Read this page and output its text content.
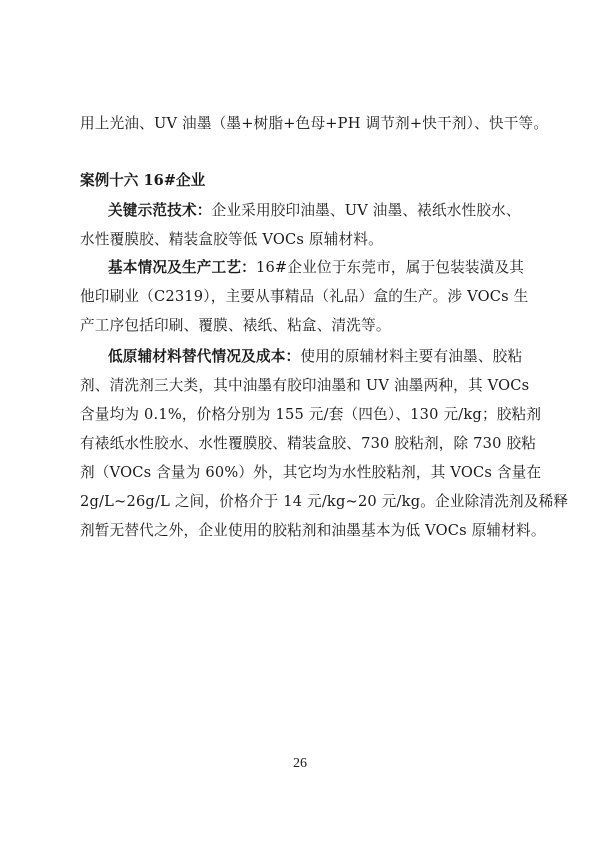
用上光油、UV 油墨（墨+树脂+色母+PH 调节剂+快干剂）、快干等。
案例十六 16#企业
关键示范技术：企业采用胶印油墨、UV 油墨、裱纸水性胶水、
水性覆膜胶、精装盒胶等低 VOCs 原辅材料。
基本情况及生产工艺：16#企业位于东莞市，属于包装装潢及其
他印刷业（C2319），主要从事精品（礼品）盒的生产。涉 VOCs 生
产工序包括印刷、覆膜、裱纸、粘盒、清洗等。
低原辅材料替代情况及成本：使用的原辅材料主要有油墨、胶粘
剂、清洗剂三大类，其中油墨有胶印油墨和 UV 油墨两种，其 VOCs
含量均为 0.1%，价格分别为 155 元/套（四色）、130 元/kg；胶粘剂
有裱纸水性胶水、水性覆膜胶、精装盒胶、730 胶粘剂，除 730 胶粘
剂（VOCs 含量为 60%）外，其它均为水性胶粘剂，其 VOCs 含量在
2g/L~26g/L 之间，价格介于 14 元/kg~20 元/kg。企业除清洗剂及稀释
剂暂无替代之外，企业使用的胶粘剂和油墨基本为低 VOCs 原辅材料。
26
